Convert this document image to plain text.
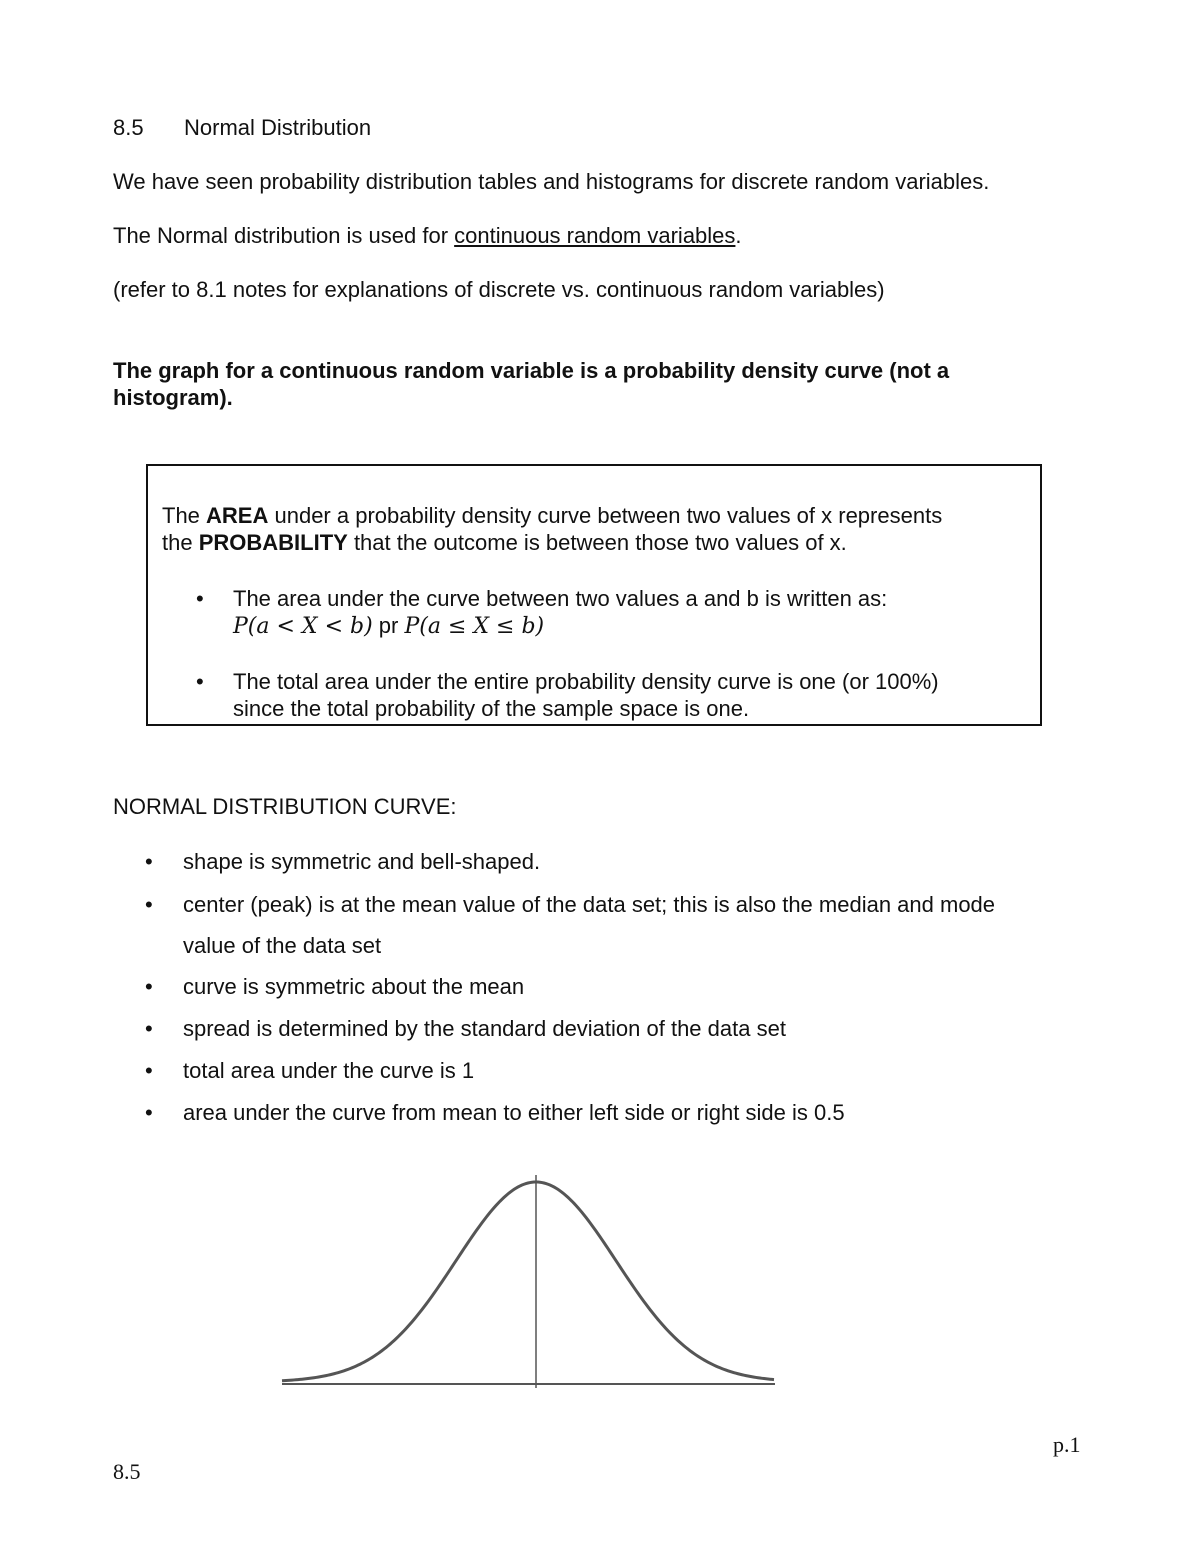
8.5 Normal Distribution
We have seen probability distribution tables and histograms for discrete random variables.
The Normal distribution is used for continuous random variables.
(refer to 8.1 notes for explanations of discrete vs. continuous random variables)
The graph for a continuous random variable is a probability density curve (not a histogram).
The AREA under a probability density curve between two values of x represents
the PROBABILITY that the outcome is between those two values of x.
• The area under the curve between two values a and b is written as:
P(a < X < b) pr P(a ≤ X ≤ b)
• The total area under the entire probability density curve is one (or 100%)
since the total probability of the sample space is one.
NORMAL DISTRIBUTION CURVE:
• shape is symmetric and bell-shaped.
• center (peak) is at the mean value of the data set; this is also the median and mode
value of the data set
• curve is symmetric about the mean
• spread is determined by the standard deviation of the data set
• total area under the curve is 1
• area under the curve from mean to either left side or right side is 0.5
8.5
p.1
